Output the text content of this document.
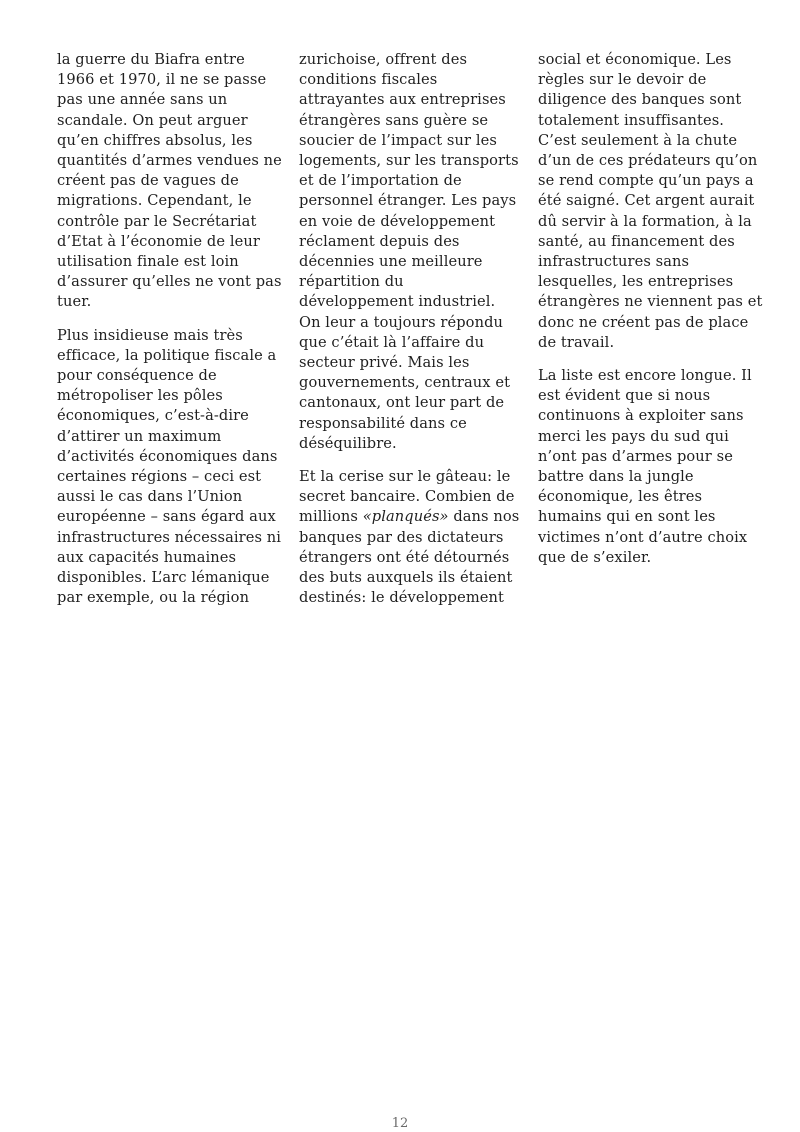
la guerre du Biafra entre
1966 et 1970, il ne se passe
pas une année sans un
scandale. On peut arguer
qu’en chiffres absolus, les
quantités d’armes vendues ne
créent pas de vagues de
migrations. Cependant, le
contrôle par le Secrétariat
d’Etat à l’économie de leur
utilisation finale est loin
d’assurer qu’elles ne vont pas
tuer.
Plus insidieuse mais très
efficace, la politique fiscale a
pour conséquence de
métropoliser les pôles
économiques, c’est-à-dire
d’attirer un maximum
d’activités économiques dans
certaines régions – ceci est
aussi le cas dans l’Union
européenne – sans égard aux
infrastructures nécessaires ni
aux capacités humaines
disponibles. L’arc lémanique
par exemple, ou la région
zurichoise, offrent des
conditions fiscales
attrayantes aux entreprises
étrangères sans guère se
soucier de l’impact sur les
logements, sur les transports
et de l’importation de
personnel étranger. Les pays
en voie de développement
réclament depuis des
décennies une meilleure
répartition du
développement industriel.
On leur a toujours répondu
que c’était là l’affaire du
secteur privé. Mais les
gouvernements, centraux et
cantonaux, ont leur part de
responsabilité dans ce
déséquilibre.
Et la cerise sur le gâteau: le
secret bancaire. Combien de
millions «planqués» dans nos
banques par des dictateurs
étrangers ont été détournés
des buts auxquels ils étaient
destinés: le développement
social et économique. Les
règles sur le devoir de
diligence des banques sont
totalement insuffisantes.
C’est seulement à la chute
d’un de ces prédateurs qu’on
se rend compte qu’un pays a
été saigné. Cet argent aurait
dû servir à la formation, à la
santé, au financement des
infrastructures sans
lesquelles, les entreprises
étrangères ne viennent pas et
donc ne créent pas de place
de travail.
La liste est encore longue. Il
est évident que si nous
continuons à exploiter sans
merci les pays du sud qui
n’ont pas d’armes pour se
battre dans la jungle
économique, les êtres
humains qui en sont les
victimes n’ont d’autre choix
que de s’exiler.
12
